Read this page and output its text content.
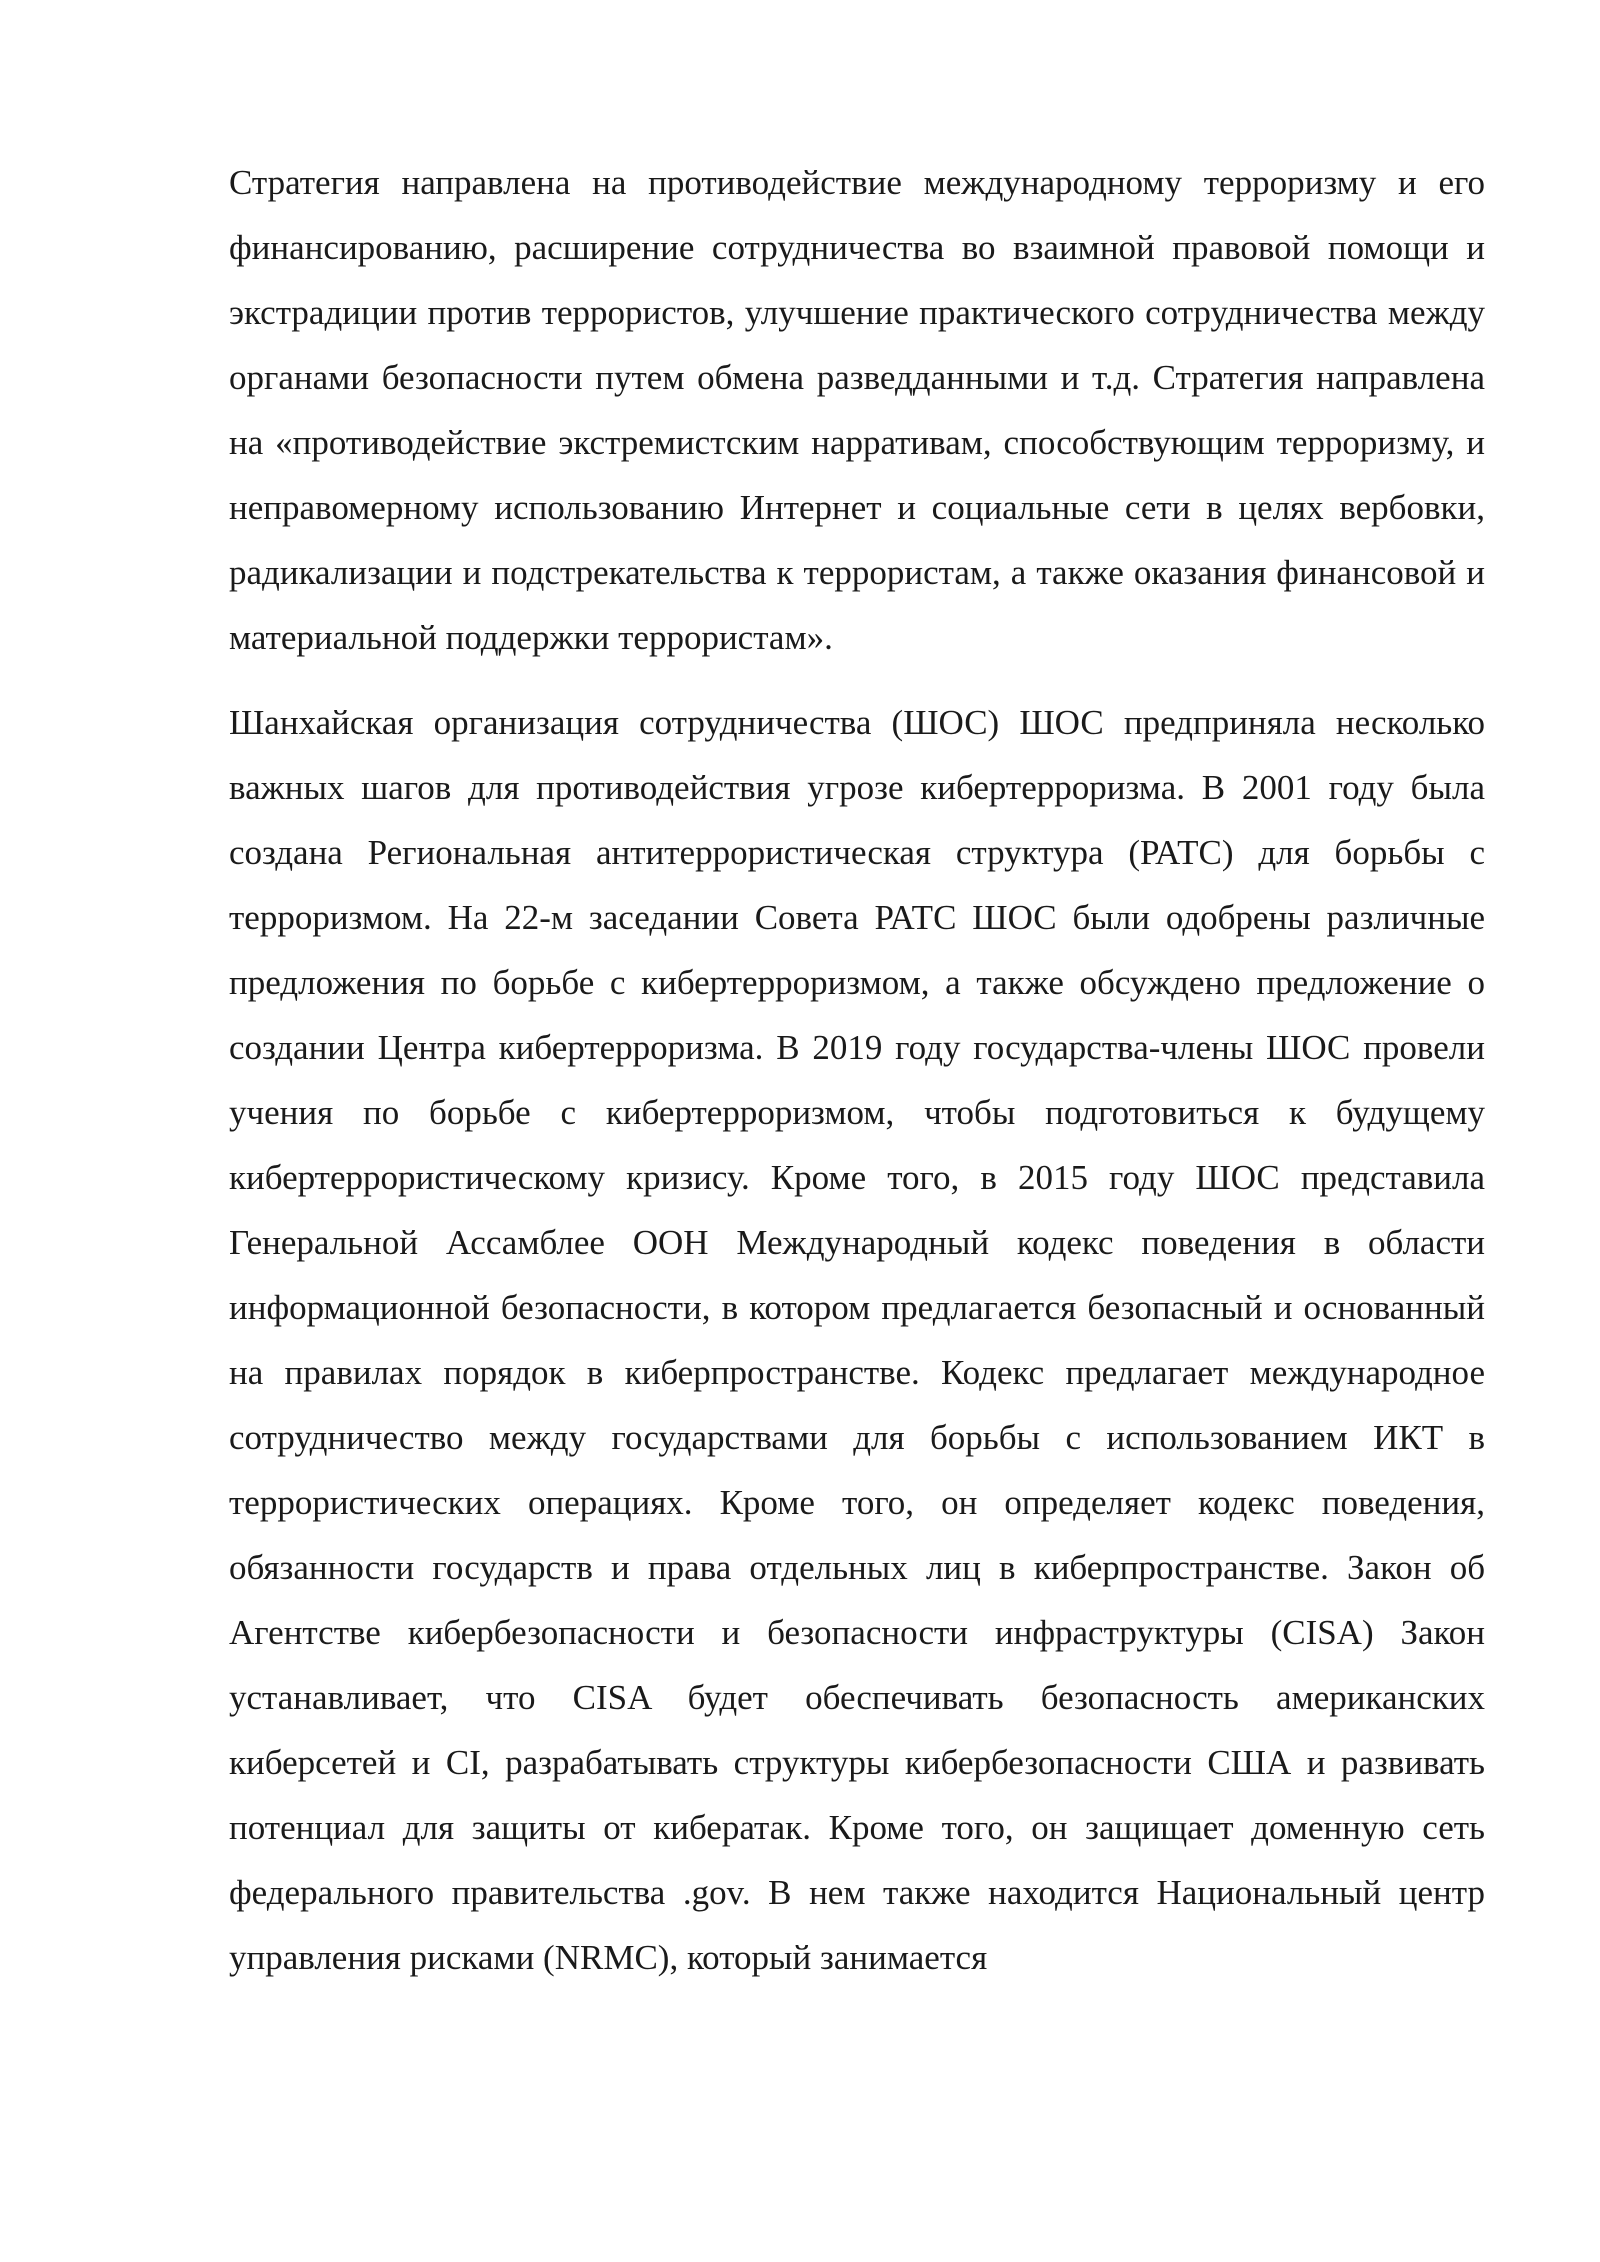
Стратегия направлена на противодействие международному терроризму и его финансированию, расширение сотрудничества во взаимной правовой помощи и экстрадиции против террористов, улучшение практического сотрудничества между органами безопасности путем обмена разведданными и т.д. Стратегия направлена на «противодействие экстремистским нарративам, способствующим терроризму, и неправомерному использованию Интернет и социальные сети в целях вербовки, радикализации и подстрекательства к террористам, а также оказания финансовой и материальной поддержки террористам».

Шанхайская организация сотрудничества (ШОС) ШОС предприняла несколько важных шагов для противодействия угрозе кибертерроризма. В 2001 году была создана Региональная антитеррористическая структура (РАТС) для борьбы с терроризмом. На 22-м заседании Совета РАТС ШОС были одобрены различные предложения по борьбе с кибертерроризмом, а также обсуждено предложение о создании Центра кибертерроризма. В 2019 году государства-члены ШОС провели учения по борьбе с кибертерроризмом, чтобы подготовиться к будущему кибертеррористическому кризису. Кроме того, в 2015 году ШОС представила Генеральной Ассамблее ООН Международный кодекс поведения в области информационной безопасности, в котором предлагается безопасный и основанный на правилах порядок в киберпространстве. Кодекс предлагает международное сотрудничество между государствами для борьбы с использованием ИКТ в террористических операциях. Кроме того, он определяет кодекс поведения, обязанности государств и права отдельных лиц в киберпространстве. Закон об Агентстве кибербезопасности и безопасности инфраструктуры (CISA) Закон устанавливает, что CISA будет обеспечивать безопасность американских киберсетей и CI, разрабатывать структуры кибербезопасности США и развивать потенциал для защиты от кибератак. Кроме того, он защищает доменную сеть федерального правительства .gov. В нем также находится Национальный центр управления рисками (NRMC), который занимается
